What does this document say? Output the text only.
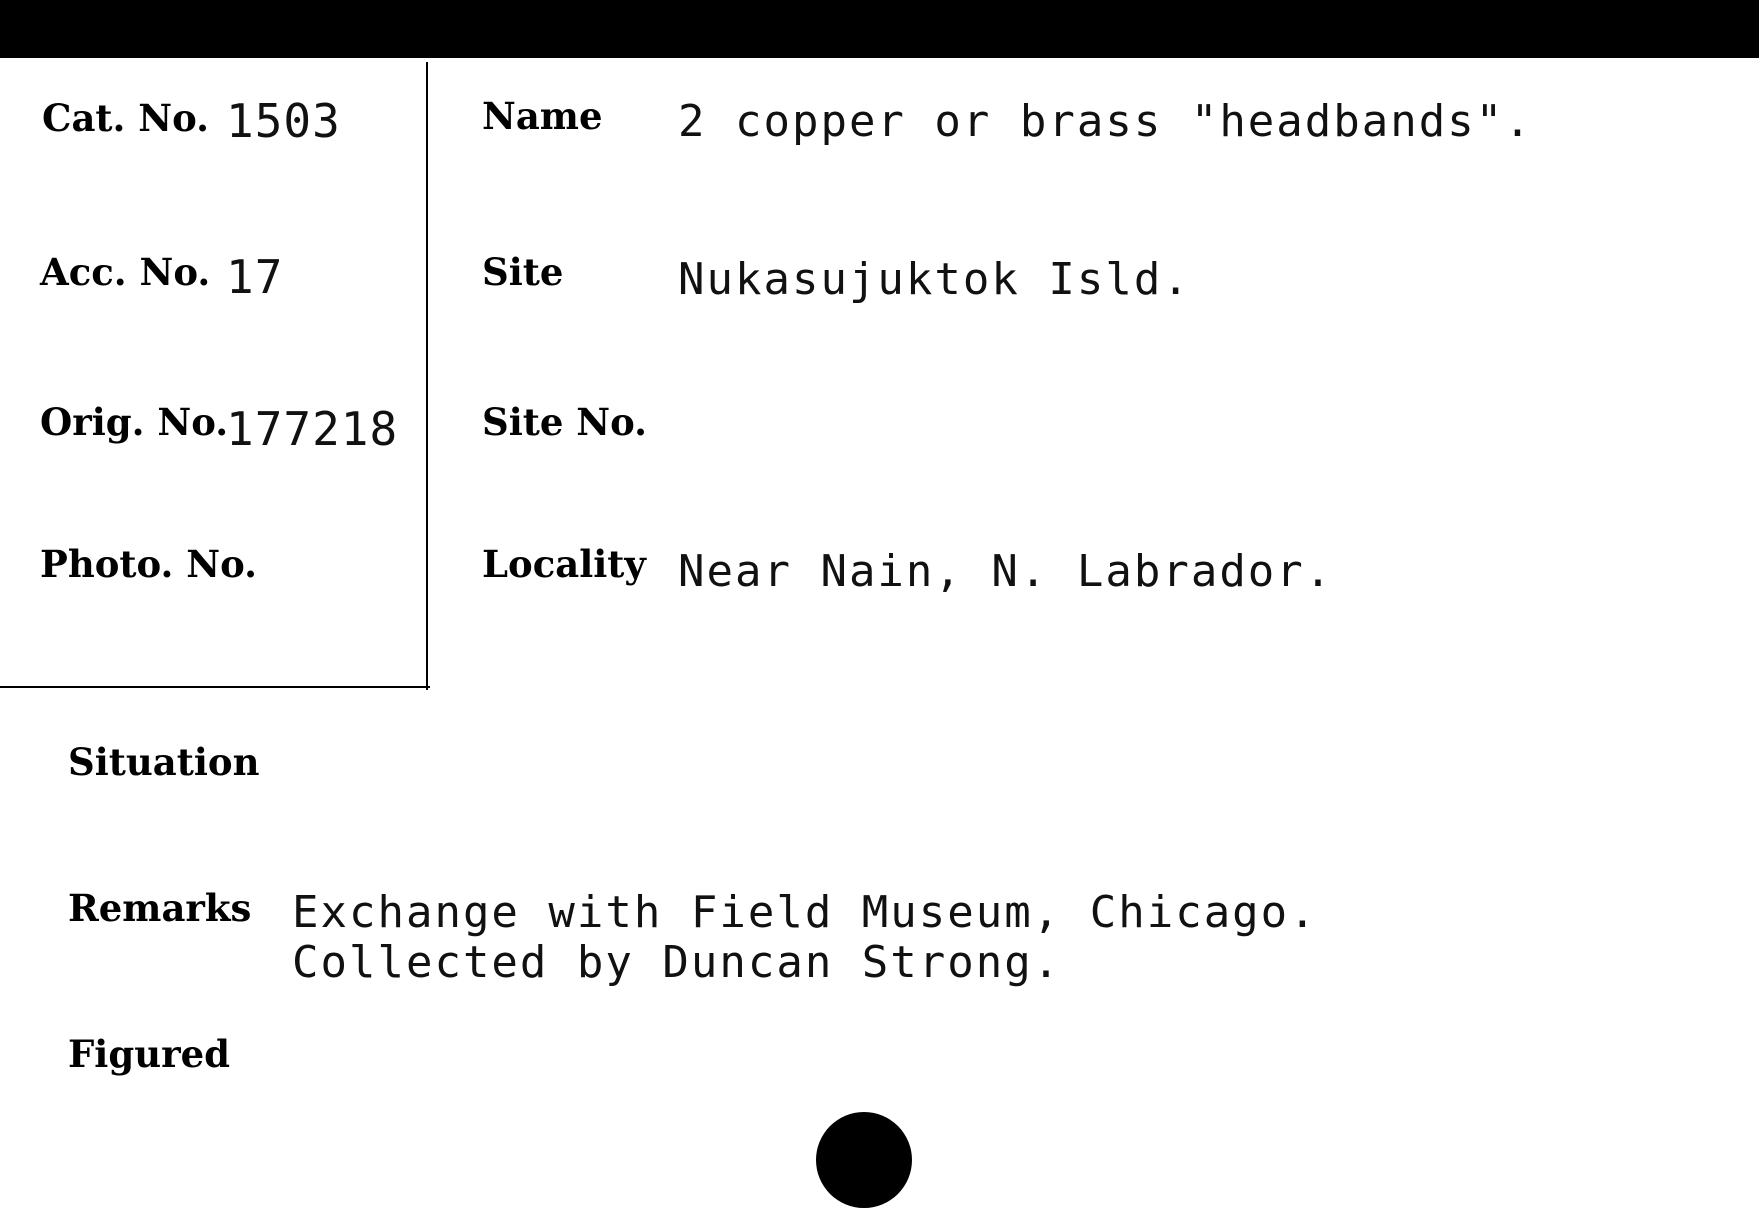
Cat. No. 1503
Acc. No. 17
Orig. No.
177218
Photo. No.
Name 2 copper or brass "headbands".
Site	Nukasujuktok Isld.
Site No.
Locality Near Nain, N. Labrador.
Situation
Remarks Exchange with Field Museum, Chicago.
Collected by Duncan Strong.
Figured
